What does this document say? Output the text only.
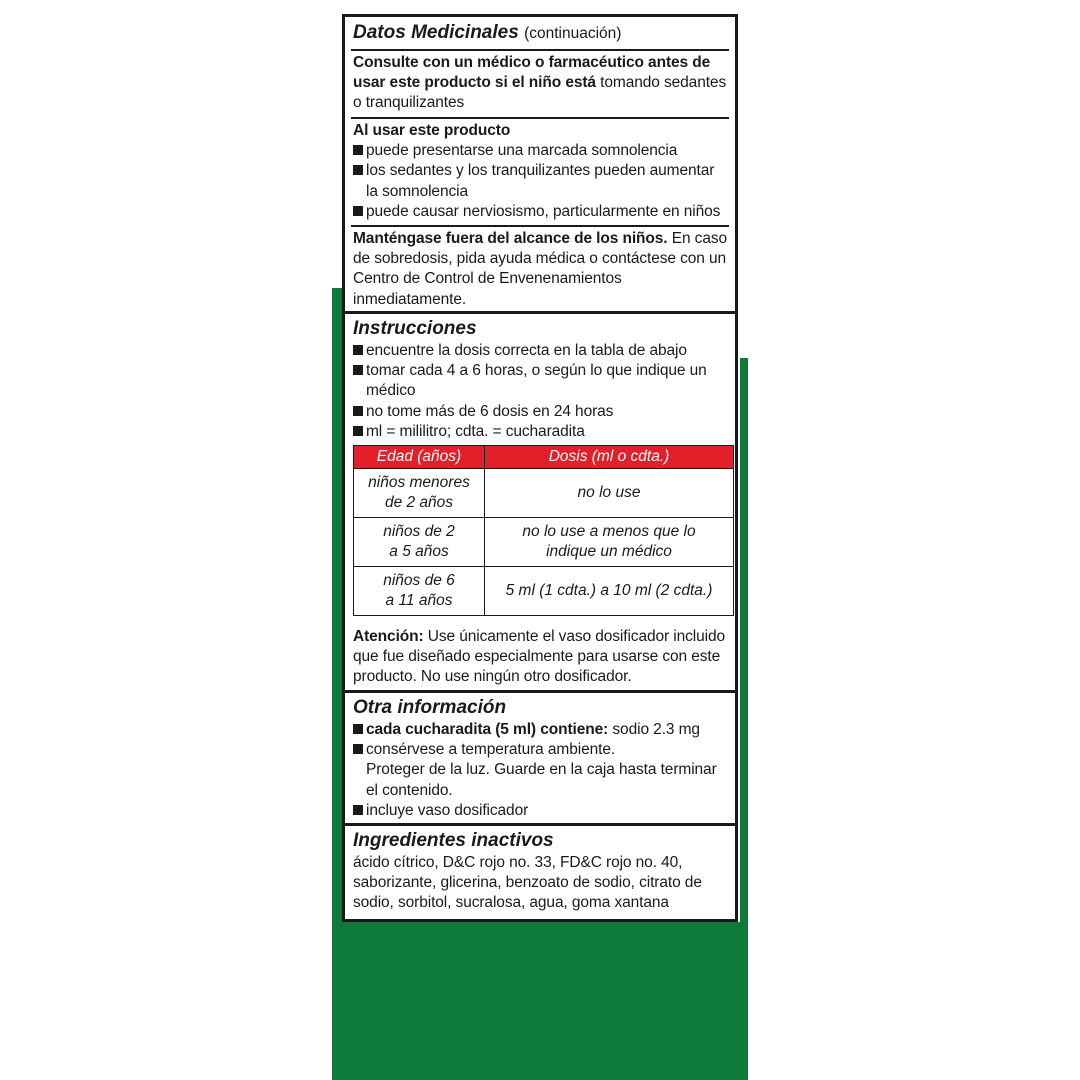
Datos Medicinales (continuación)
Consulte con un médico o farmacéutico antes de
usar este producto si el niño está tomando sedantes
o tranquilizantes
Al usar este producto
puede presentarse una marcada somnolencia
los sedantes y los tranquilizantes pueden aumentar
la somnolencia
puede causar nerviosismo, particularmente en niños
Manténgase fuera del alcance de los niños. En caso
de sobredosis, pida ayuda médica o contáctese con un
Centro de Control de Envenenamientos
inmediatamente.
Instrucciones
encuentre la dosis correcta en la tabla de abajo
tomar cada 4 a 6 horas, o según lo que indique un
médico
no tome más de 6 dosis en 24 horas
ml = mililitro; cdta. = cucharadita
Edad (años)	Dosis (ml o cdta.)

niños menores
de 2 años	no lo use

niños de 2
a 5 años	no lo use a menos que lo
indique un médico

niños de 6
a 11 años	5 ml (1 cdta.) a 10 ml (2 cdta.)
Atención: Use únicamente el vaso dosificador incluido
que fue diseñado especialmente para usarse con este
producto. No use ningún otro dosificador.
Otra información
cada cucharadita (5 ml) contiene: sodio 2.3 mg
consérvese a temperatura ambiente.
Proteger de la luz. Guarde en la caja hasta terminar
el contenido.
incluye vaso dosificador
Ingredientes inactivos
ácido cítrico, D&C rojo no. 33, FD&C rojo no. 40,
saborizante, glicerina, benzoato de sodio, citrato de
sodio, sorbitol, sucralosa, agua, goma xantana
